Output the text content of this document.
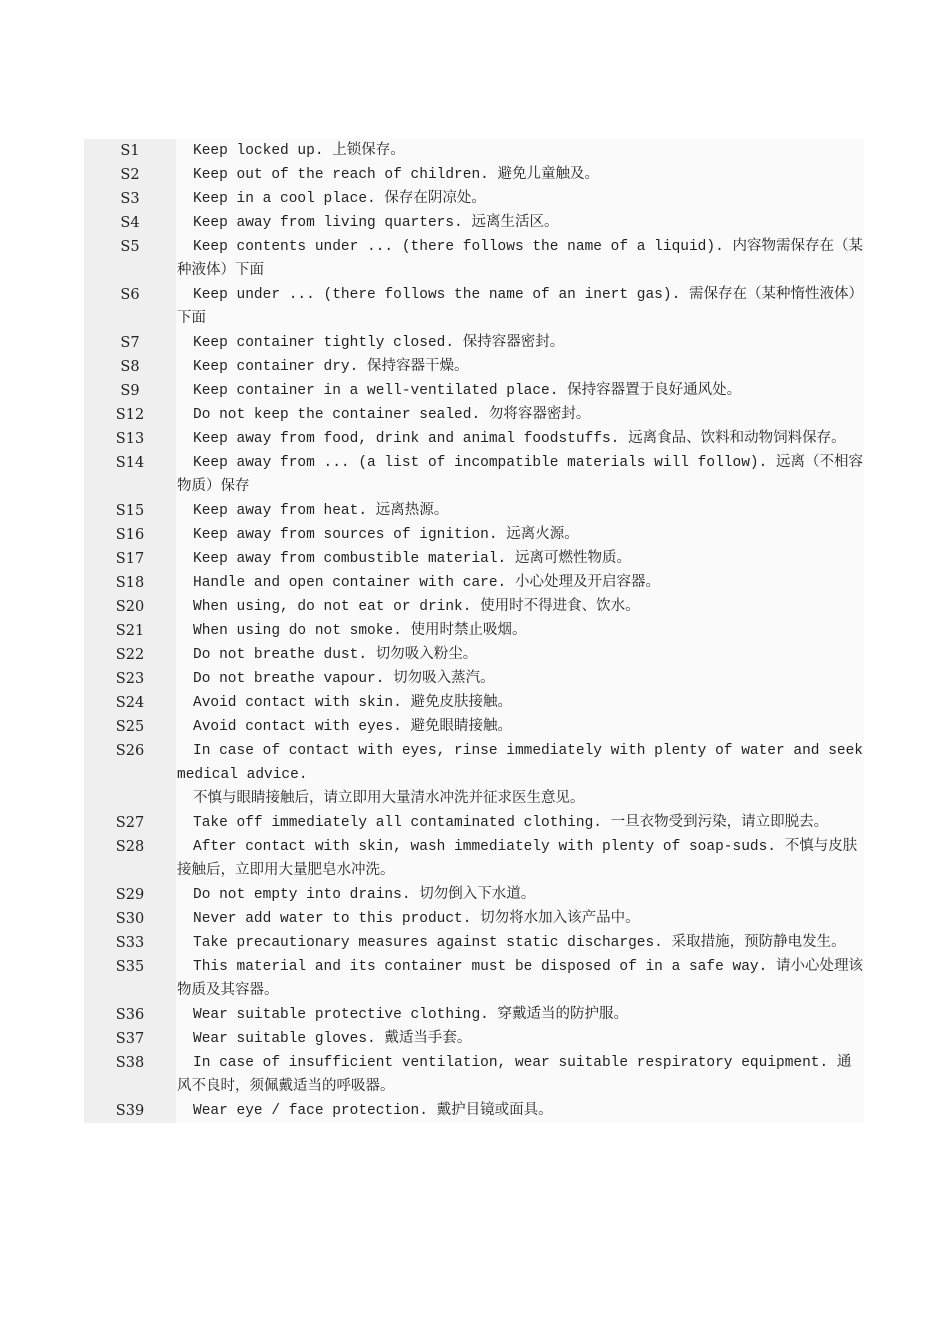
S1	Keep locked up. 上锁保存。

S2	Keep out of the reach of children. 避免儿童触及。

S3	Keep in a cool place. 保存在阴凉处。

S4	Keep away from living quarters. 远离生活区。

S5	Keep contents under ... (there follows the name of a liquid). 内容物需保存在（某种液体）下面

S6	Keep under ... (there follows the name of an inert gas). 需保存在（某种惰性液体）下面

S7	Keep container tightly closed. 保持容器密封。

S8	Keep container dry. 保持容器干燥。

S9	Keep container in a well-ventilated place. 保持容器置于良好通风处。

S12	Do not keep the container sealed. 勿将容器密封。

S13	Keep away from food, drink and animal foodstuffs. 远离食品、饮料和动物饲料保存。

S14	Keep away from ... (a list of incompatible materials will follow). 远离（不相容物质）保存

S15	Keep away from heat. 远离热源。

S16	Keep away from sources of ignition. 远离火源。

S17	Keep away from combustible material. 远离可燃性物质。

S18	Handle and open container with care. 小心处理及开启容器。

S20	When using, do not eat or drink. 使用时不得进食、饮水。

S21	When using do not smoke. 使用时禁止吸烟。

S22	Do not breathe dust. 切勿吸入粉尘。

S23	Do not breathe vapour. 切勿吸入蒸汽。

S24	Avoid contact with skin. 避免皮肤接触。

S25	Avoid contact with eyes. 避免眼睛接触。

S26	In case of contact with eyes, rinse immediately with plenty of water and seek medical advice.
不慎与眼睛接触后，请立即用大量清水冲洗并征求医生意见。

S27	Take off immediately all contaminated clothing. 一旦衣物受到污染，请立即脱去。

S28	After contact with skin, wash immediately with plenty of soap-suds. 不慎与皮肤接触后，立即用大量肥皂水冲洗。

S29	Do not empty into drains. 切勿倒入下水道。

S30	Never add water to this product. 切勿将水加入该产品中。

S33	Take precautionary measures against static discharges. 采取措施，预防静电发生。

S35	This material and its container must be disposed of in a safe way. 请小心处理该物质及其容器。

S36	Wear suitable protective clothing. 穿戴适当的防护服。

S37	Wear suitable gloves. 戴适当手套。

S38	In case of insufficient ventilation, wear suitable respiratory equipment. 通风不良时，须佩戴适当的呼吸器。

S39	Wear eye / face protection. 戴护目镜或面具。
